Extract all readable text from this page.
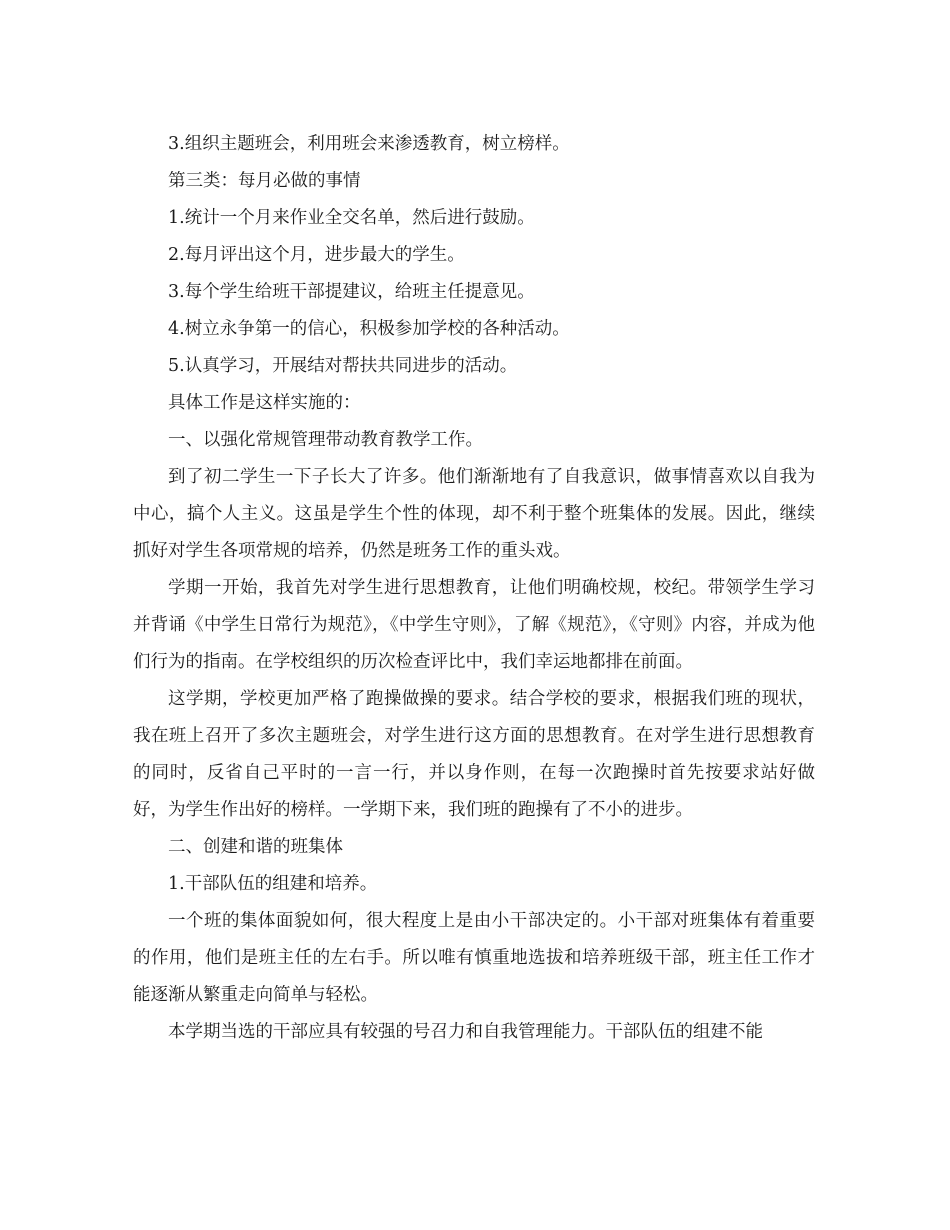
3.组织主题班会，利用班会来渗透教育，树立榜样。

第三类：每月必做的事情

1.统计一个月来作业全交名单，然后进行鼓励。

2.每月评出这个月，进步最大的学生。

3.每个学生给班干部提建议，给班主任提意见。

4.树立永争第一的信心，积极参加学校的各种活动。

5.认真学习，开展结对帮扶共同进步的活动。

具体工作是这样实施的：

一、以强化常规管理带动教育教学工作。

到了初二学生一下子长大了许多。他们渐渐地有了自我意识，做事情喜欢以自我为中心，搞个人主义。这虽是学生个性的体现，却不利于整个班集体的发展。因此，继续抓好对学生各项常规的培养，仍然是班务工作的重头戏。

学期一开始，我首先对学生进行思想教育，让他们明确校规，校纪。带领学生学习并背诵《中学生日常行为规范》，《中学生守则》，了解《规范》，《守则》内容，并成为他们行为的指南。在学校组织的历次检查评比中，我们幸运地都排在前面。

这学期，学校更加严格了跑操做操的要求。结合学校的要求，根据我们班的现状，我在班上召开了多次主题班会，对学生进行这方面的思想教育。在对学生进行思想教育的同时，反省自己平时的一言一行，并以身作则，在每一次跑操时首先按要求站好做好，为学生作出好的榜样。一学期下来，我们班的跑操有了不小的进步。

二、创建和谐的班集体

1.干部队伍的组建和培养。

一个班的集体面貌如何，很大程度上是由小干部决定的。小干部对班集体有着重要的作用，他们是班主任的左右手。所以唯有慎重地选拔和培养班级干部，班主任工作才能逐渐从繁重走向简单与轻松。

本学期当选的干部应具有较强的号召力和自我管理能力。干部队伍的组建不能
